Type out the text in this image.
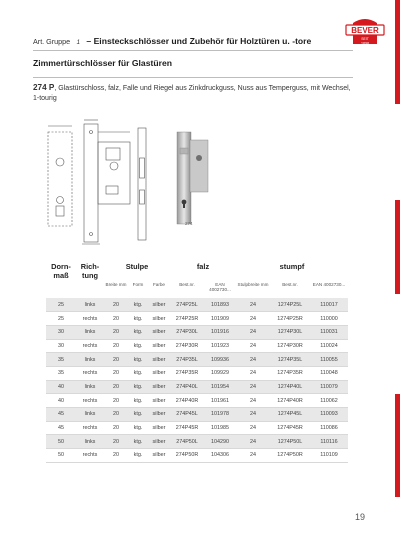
Art. Gruppe 1 – Einsteckschlösser und Zubehör für Holztüren u. -tore
BEVER
SEIT
1898
Zimmertürschlösser für Glastüren
274 P, Glastürschloss, falz, Falle und Riegel aus Zinkdruckguss, Nuss aus Temperguss, mit Wechsel, 1-tourig
274
Dorn-maß	Rich-tung	Stulpe			falz		stumpf		
		Breite mm	Form	Farbe	Best.nr.	EAN 4002730...	Stulpbreite mm	Best.nr.	EAN 4002730...
25	links	20	ktg.	silber	274P25L	101893	24	1274P25L	110017
25	rechts	20	ktg.	silber	274P25R	101909	24	1274P25R	110000
30	links	20	ktg.	silber	274P30L	101916	24	1274P30L	110031
30	rechts	20	ktg.	silber	274P30R	101923	24	1274P30R	110024
35	links	20	ktg.	silber	274P35L	109936	24	1274P35L	110055
35	rechts	20	ktg.	silber	274P35R	109929	24	1274P35R	110048
40	links	20	ktg.	silber	274P40L	101954	24	1274P40L	110079
40	rechts	20	ktg.	silber	274P40R	101961	24	1274P40R	110062
45	links	20	ktg.	silber	274P45L	101978	24	1274P45L	110093
45	rechts	20	ktg.	silber	274P45R	101985	24	1274P45R	110086
50	links	20	ktg.	silber	274P50L	104290	24	1274P50L	110116
50	rechts	20	ktg.	silber	274P50R	104306	24	1274P50R	110109
19
